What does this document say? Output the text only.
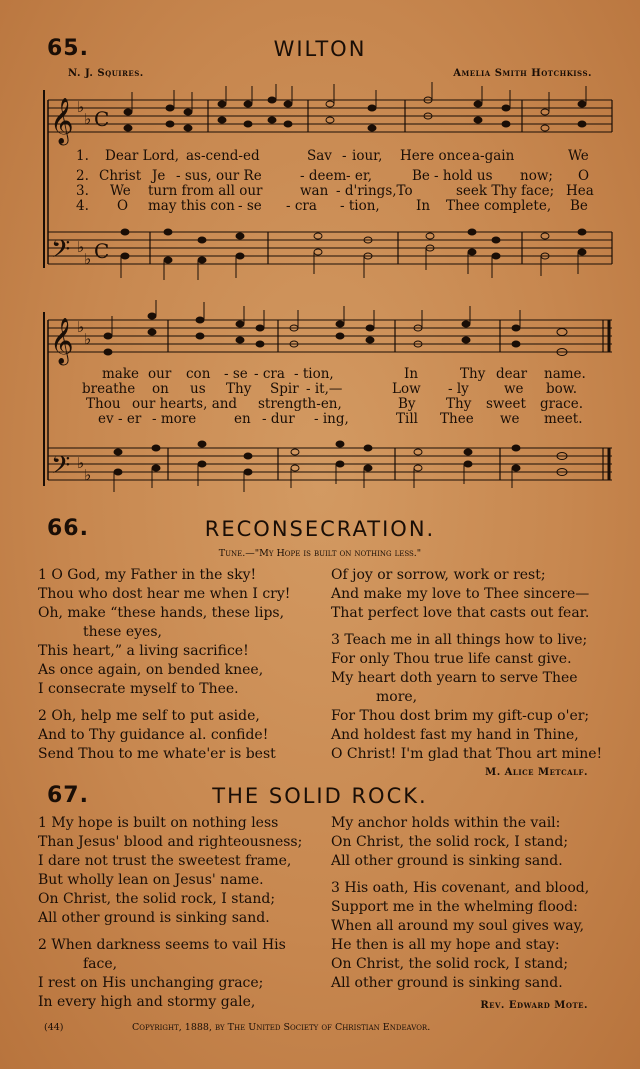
65.	WILTON
N. J. Squires.	Amelia Smith Hotchkiss.
𝄞
𝄞
𝄢
𝄢
♭
♭
♭
♭
♭
♭
♭
♭
C
C
1. Dear Lord, as-cend-ed	Sav - iour, Here once a-gain	We
2. Christ Je - sus, our Re	- deem - er,	Be - hold us now; O
3. We turn from all our	wan - d'rings,To	seek Thy face; Hea
4. O may this con - se - cra - tion,	In Thee complete, Be
make our con - se - cra - tion,	In	Thy dear name.
breathe on us Thy Spir - it,—	Low - ly	we bow.
Thou our hearts, and strength-en,	By Thy sweet grace.
ev - er - more	en - dur - ing,	Till Thee we meet.
66.	RECONSECRATION.
Tune.—"My Hope is built on nothing less."
1 O God, my Father in the sky!
Thou who dost hear me when I cry!
Oh, make “these hands, these lips,
these eyes,
This heart,” a living sacrifice!
As once again, on bended knee,
I consecrate myself to Thee.
2 Oh, help me self to put aside,
And to Thy guidance al. confide!
Send Thou to me whate'er is best
Of joy or sorrow, work or rest;
And make my love to Thee sincere—
That perfect love that casts out fear.
3 Teach me in all things how to live;
For only Thou true life canst give.
My heart doth yearn to serve Thee
more,
For Thou dost brim my gift-cup o'er;
And holdest fast my hand in Thine,
O Christ! I'm glad that Thou art mine!
M. Alice Metcalf.
67.	THE SOLID ROCK.
1 My hope is built on nothing less
Than Jesus' blood and righteousness;
I dare not trust the sweetest frame,
But wholly lean on Jesus' name.
On Christ, the solid rock, I stand;
All other ground is sinking sand.
2 When darkness seems to vail His
face,
I rest on His unchanging grace;
In every high and stormy gale,
My anchor holds within the vail:
On Christ, the solid rock, I stand;
All other ground is sinking sand.
3 His oath, His covenant, and blood,
Support me in the whelming flood:
When all around my soul gives way,
He then is all my hope and stay:
On Christ, the solid rock, I stand;
All other ground is sinking sand.
Rev. Edward Mote.
(44)	Copyright, 1888, by The United Society of Christian Endeavor.
